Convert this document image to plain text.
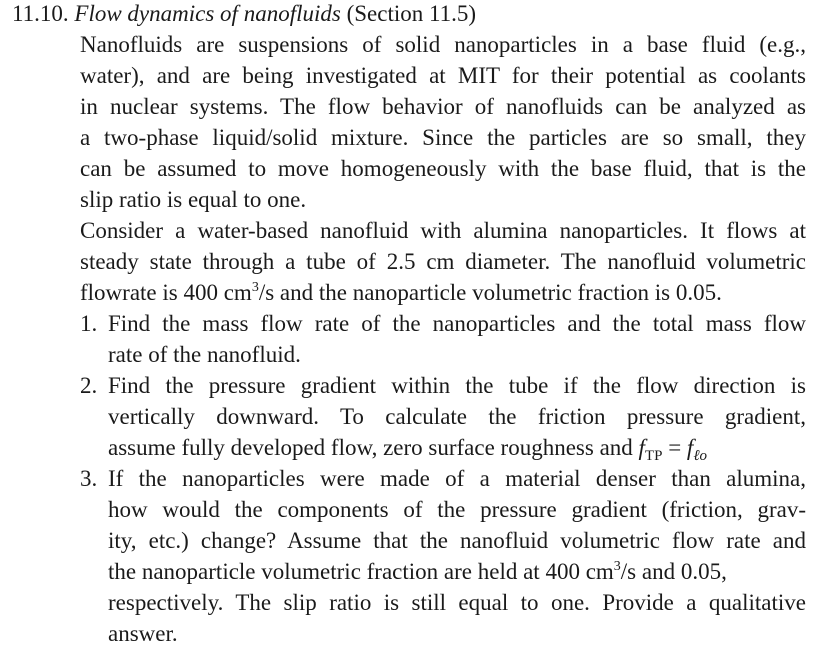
11.10. Flow dynamics of nanofluids (Section 11.5)
Nanofluids are suspensions of solid nanoparticles in a base fluid (e.g.,
water), and are being investigated at MIT for their potential as coolants
in nuclear systems. The flow behavior of nanofluids can be analyzed as
a two-phase liquid/solid mixture. Since the particles are so small, they
can be assumed to move homogeneously with the base fluid, that is the
slip ratio is equal to one.
Consider a water-based nanofluid with alumina nanoparticles. It flows at
steady state through a tube of 2.5 cm diameter. The nanofluid volumetric
flowrate is 400 $cm^3/s$ and the nanoparticle volumetric fraction is 0.05.
1. Find the mass flow rate of the nanoparticles and the total mass flow
rate of the nanofluid.
2. Find the pressure gradient within the tube if the flow direction is
vertically downward. To calculate the friction pressure gradient,
assume fully developed flow, zero surface roughness and $f_{TP} = f_{\ell o}$
3. If the nanoparticles were made of a material denser than alumina,
how would the components of the pressure gradient (friction, grav-
ity, etc.) change? Assume that the nanofluid volumetric flow rate and
the nanoparticle volumetric fraction are held at 400 $cm^3/s$ and 0.05,
respectively. The slip ratio is still equal to one. Provide a qualitative
answer.
